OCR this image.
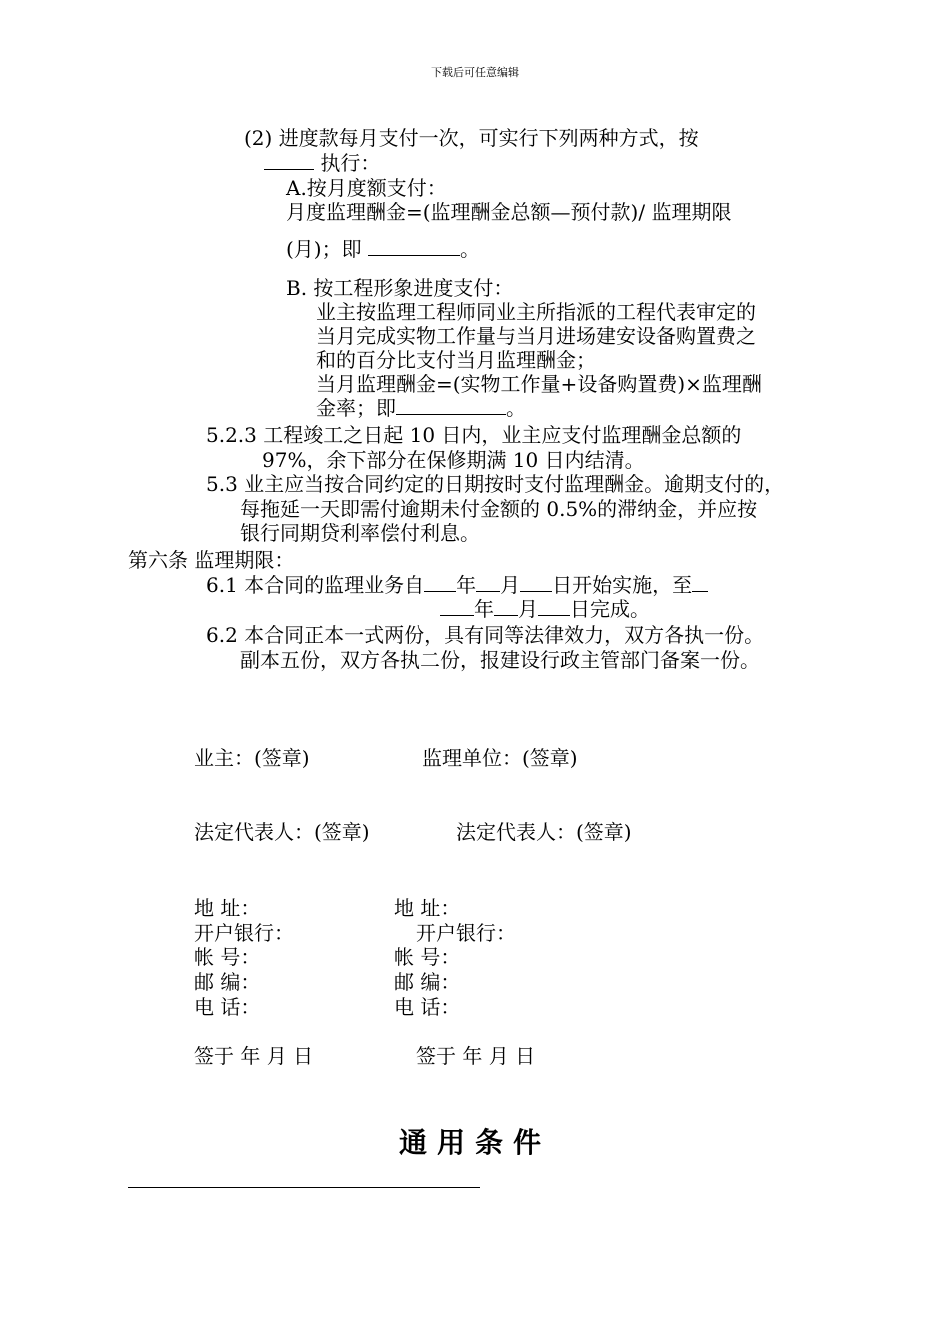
下载后可任意编辑
(2) 进度款每月支付一次，可实行下列两种方式，按
执行：
A.按月度额支付：
月度监理酬金=(监理酬金总额—预付款)/ 监理期限
(月)；即	。
B. 按工程形象进度支付：
业主按监理工程师同业主所指派的工程代表审定的
当月完成实物工作量与当月进场建安设备购置费之
和的百分比支付当月监理酬金；
当月监理酬金=(实物工作量+设备购置费)×监理酬
金率；即	。
5.2.3 工程竣工之日起 10 日内，业主应支付监理酬金总额的
97%，余下部分在保修期满 10 日内结清。
5.3 业主应当按合同约定的日期按时支付监理酬金。逾期支付的，
每拖延一天即需付逾期未付金额的 0.5%的滞纳金，并应按
银行同期贷利率偿付利息。
第六条 监理期限：
6.1 本合同的监理业务自 年 月 日开始实施，至
年 月 日完成。
6.2 本合同正本一式两份，具有同等法律效力，双方各执一份。
副本五份，双方各执二份，报建设行政主管部门备案一份。
业主：(签章)	监理单位：(签章)
法定代表人：(签章)	法定代表人：(签章)
地 址：	地 址：
开户银行：	开户银行：
帐 号：	帐 号：
邮 编：	邮 编：
电 话：	电 话：
签于 年 月 日	签于 年 月 日
通用条件
